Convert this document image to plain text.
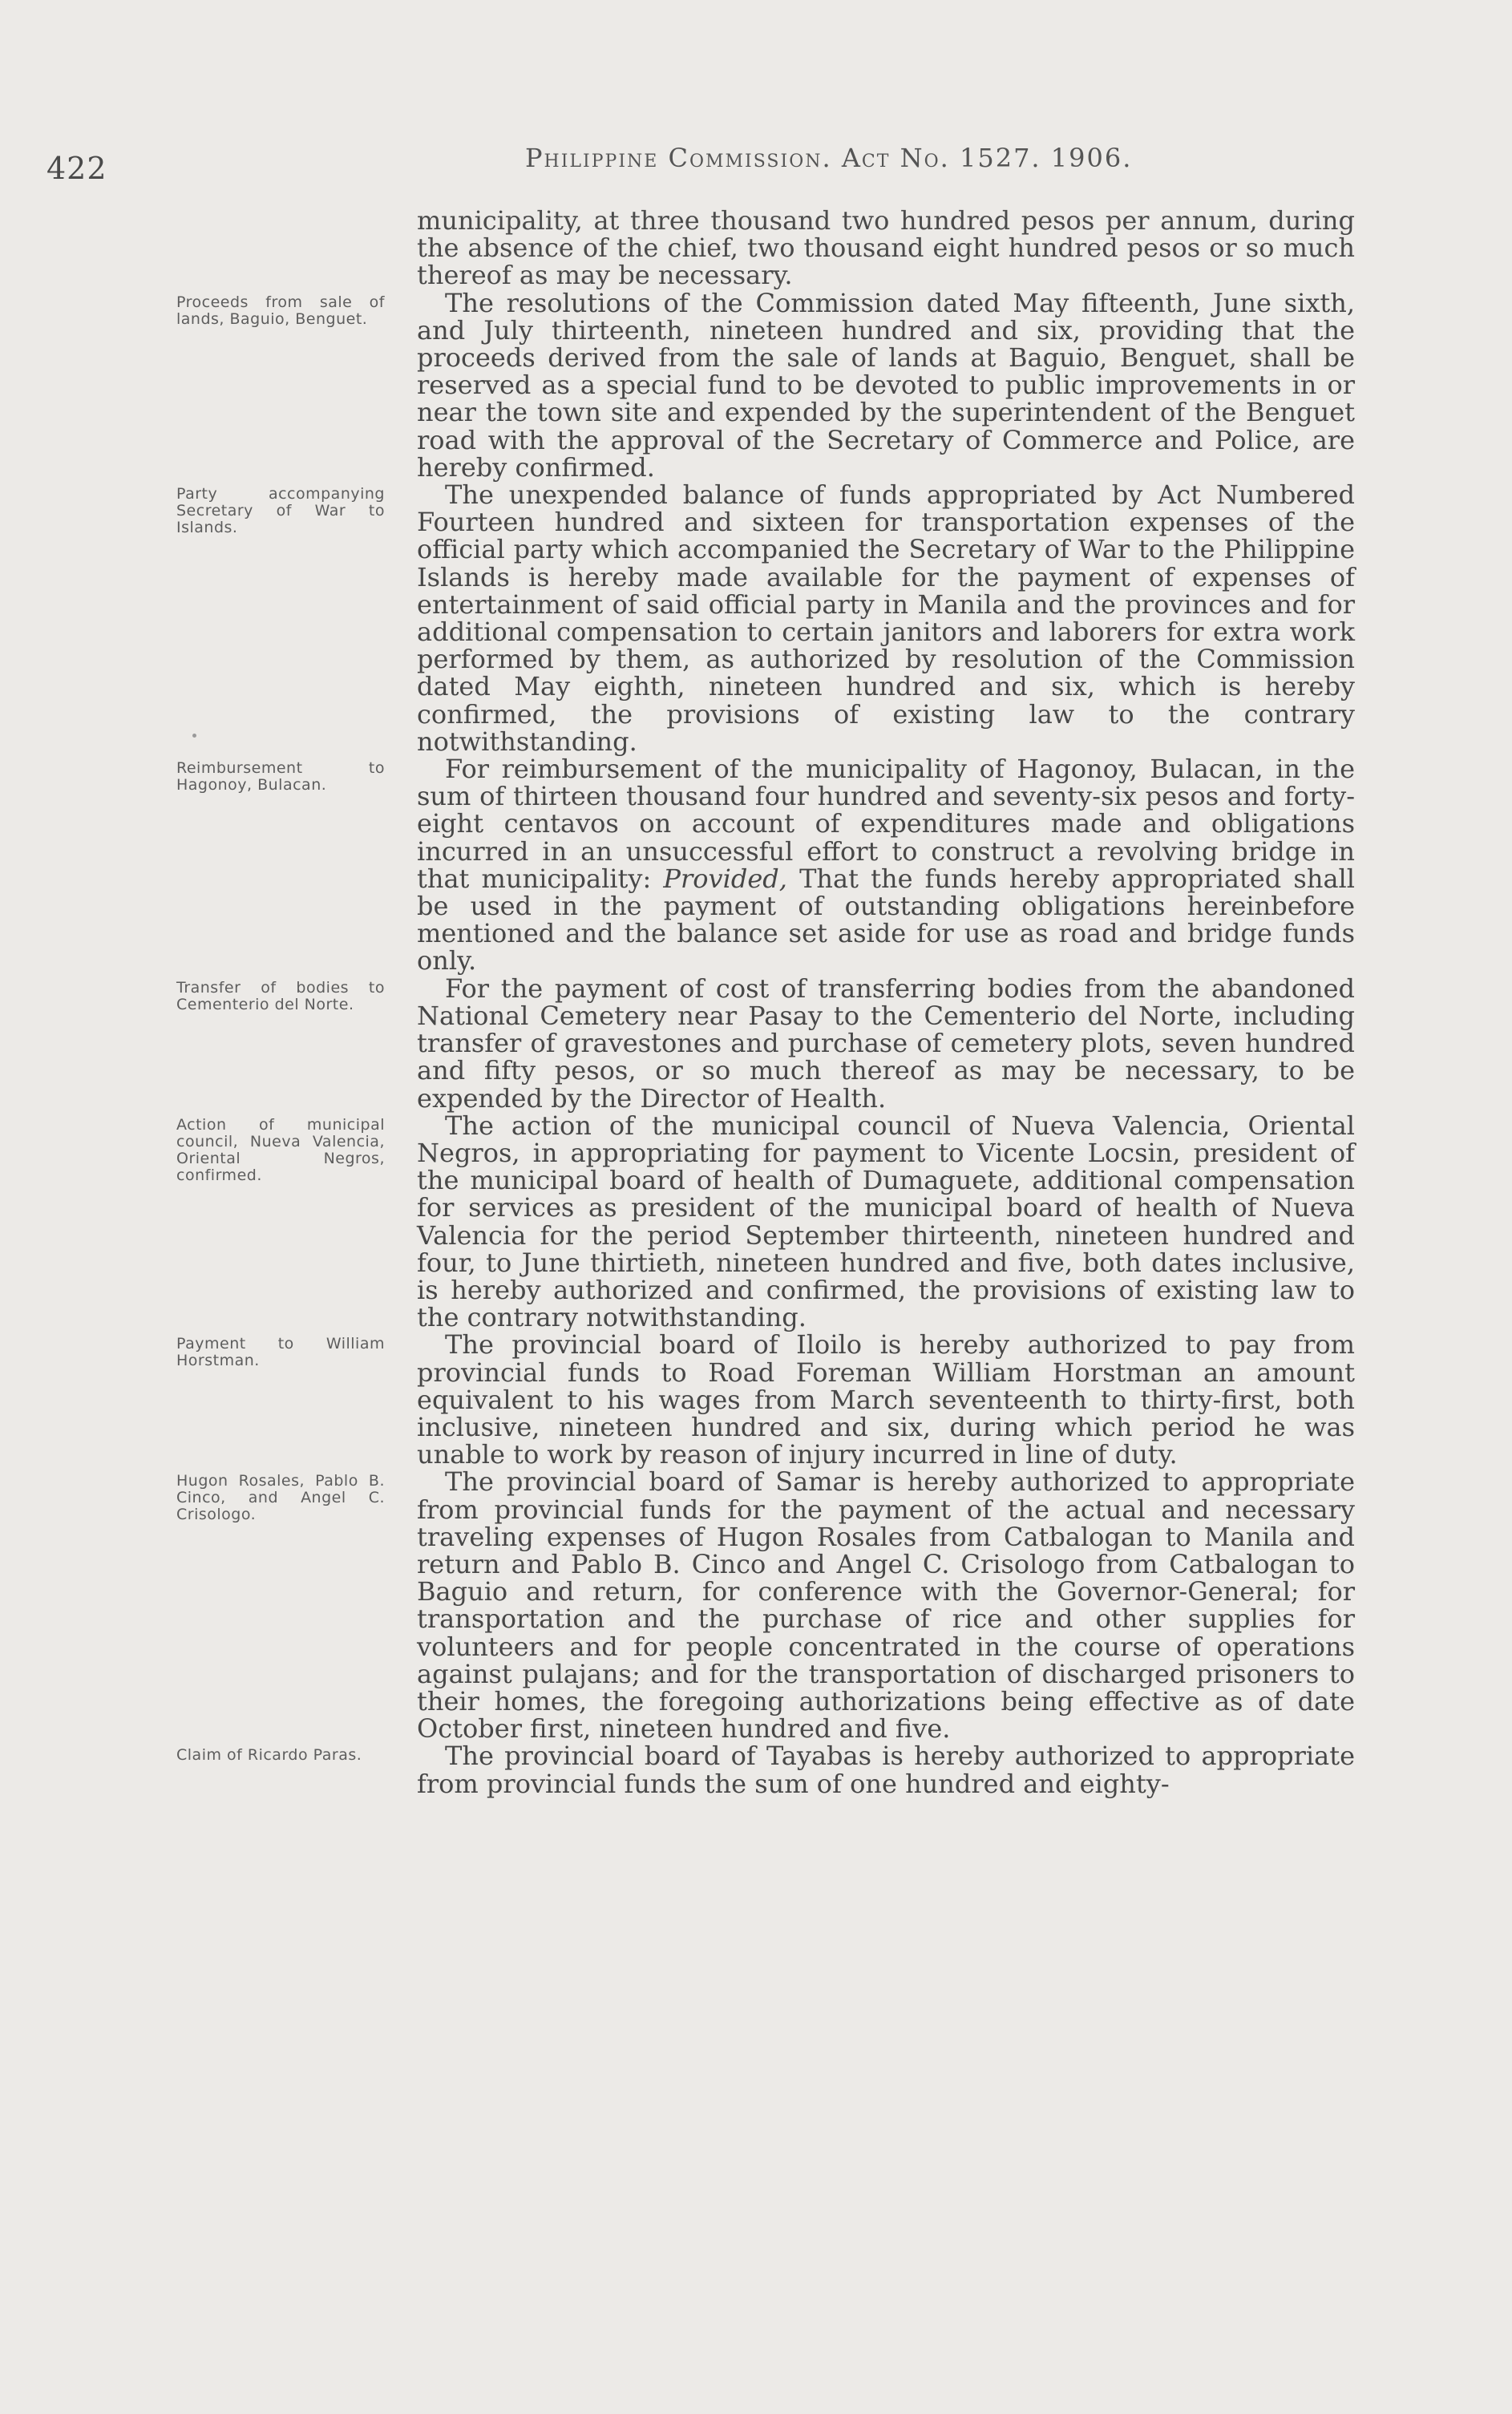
422	Philippine Commission. Act No. 1527. 1906.

municipality, at three thousand two hundred pesos per annum, during the absence of the chief, two thousand eight hundred pesos or so much thereof as may be necessary.

Proceeds from sale of lands, Baguio, Benguet.

The resolutions of the Commission dated May fifteenth, June sixth, and July thirteenth, nineteen hundred and six, providing that the proceeds derived from the sale of lands at Baguio, Benguet, shall be reserved as a special fund to be devoted to public improvements in or near the town site and expended by the superintendent of the Benguet road with the approval of the Secretary of Commerce and Police, are hereby confirmed.

Party accompanying Secretary of War to Islands.

The unexpended balance of funds appropriated by Act Numbered Fourteen hundred and sixteen for transportation expenses of the official party which accompanied the Secretary of War to the Philippine Islands is hereby made available for the payment of expenses of entertainment of said official party in Manila and the provinces and for additional compensation to certain janitors and laborers for extra work performed by them, as authorized by resolution of the Commission dated May eighth, nineteen hundred and six, which is hereby confirmed, the provisions of existing law to the contrary notwithstanding.

Reimbursement to Hagonoy, Bulacan.

For reimbursement of the municipality of Hagonoy, Bulacan, in the sum of thirteen thousand four hundred and seventy-six pesos and forty-eight centavos on account of expenditures made and obligations incurred in an unsuccessful effort to construct a revolving bridge in that municipality: Provided, That the funds hereby appropriated shall be used in the payment of outstanding obligations hereinbefore mentioned and the balance set aside for use as road and bridge funds only.

Transfer of bodies to Cementerio del Norte.

For the payment of cost of transferring bodies from the abandoned National Cemetery near Pasay to the Cementerio del Norte, including transfer of gravestones and purchase of cemetery plots, seven hundred and fifty pesos, or so much thereof as may be necessary, to be expended by the Director of Health.

Action of municipal council, Nueva Valencia, Oriental Negros, confirmed.

The action of the municipal council of Nueva Valencia, Oriental Negros, in appropriating for payment to Vicente Locsin, president of the municipal board of health of Dumaguete, additional compensation for services as president of the municipal board of health of Nueva Valencia for the period September thirteenth, nineteen hundred and four, to June thirtieth, nineteen hundred and five, both dates inclusive, is hereby authorized and confirmed, the provisions of existing law to the contrary notwithstanding.

Payment to William Horstman.

The provincial board of Iloilo is hereby authorized to pay from provincial funds to Road Foreman William Horstman an amount equivalent to his wages from March seventeenth to thirty-first, both inclusive, nineteen hundred and six, during which period he was unable to work by reason of injury incurred in line of duty.

Hugon Rosales, Pablo B. Cinco, and Angel C. Crisologo.

The provincial board of Samar is hereby authorized to appropriate from provincial funds for the payment of the actual and necessary traveling expenses of Hugon Rosales from Catbalogan to Manila and return and Pablo B. Cinco and Angel C. Crisologo from Catbalogan to Baguio and return, for conference with the Governor-General; for transportation and the purchase of rice and other supplies for volunteers and for people concentrated in the course of operations against pulajans; and for the transportation of discharged prisoners to their homes, the foregoing authorizations being effective as of date October first, nineteen hundred and five.

Claim of Ricardo Paras.	The provincial board of Tayabas is hereby authorized to appropriate from provincial funds the sum of one hundred and eighty-
